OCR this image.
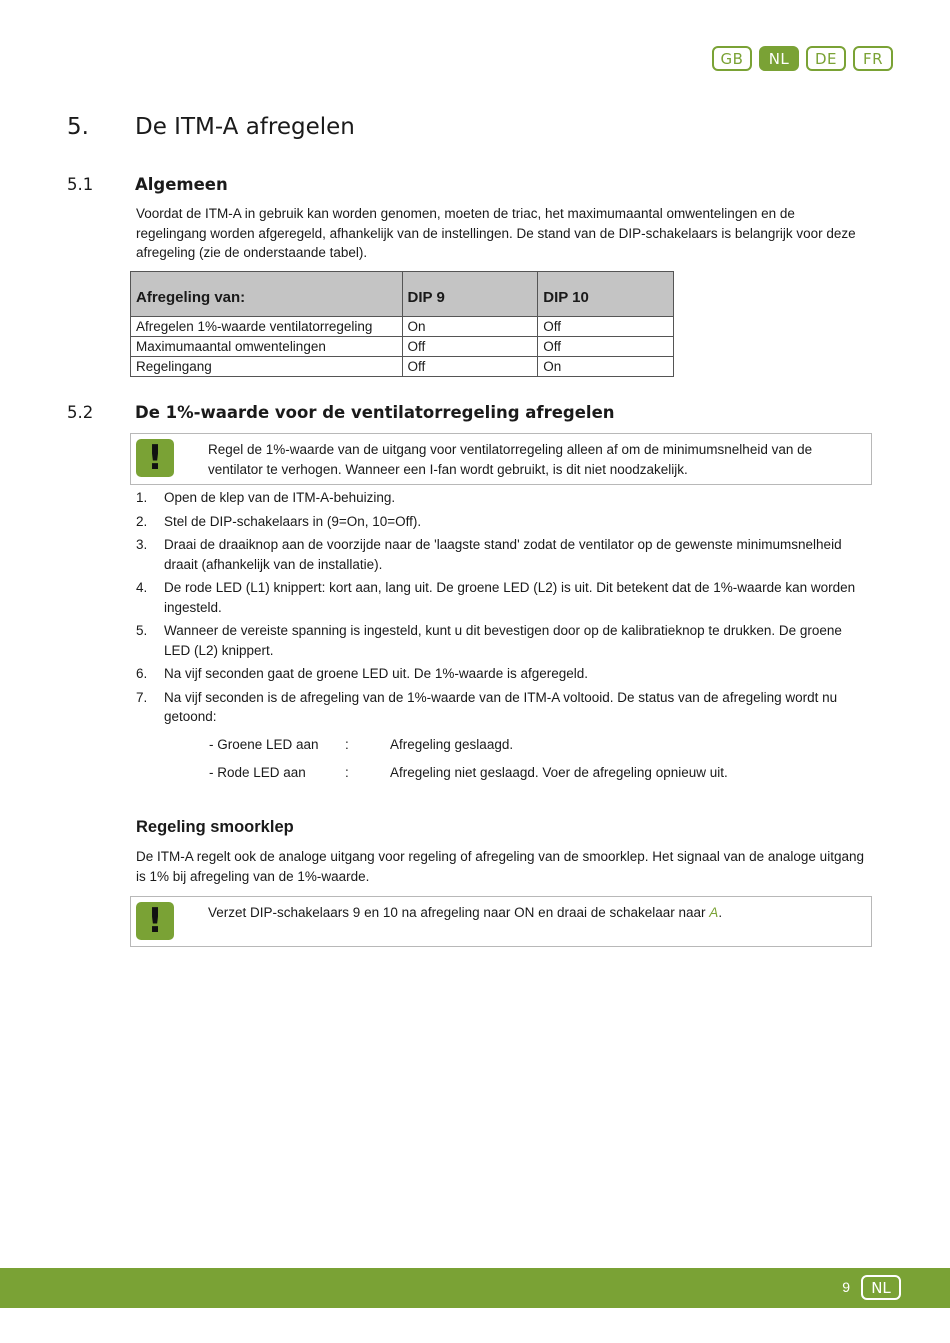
GB	NL	DE	FR
5. De ITM-A afregelen
5.1	Algemeen
Voordat de ITM-A in gebruik kan worden genomen, moeten de triac, het maximumaantal omwentelingen en de regelingang worden afgeregeld, afhankelijk van de instellingen. De stand van de DIP-schakelaars is belangrijk voor deze afregeling (zie de onderstaande tabel).
Afregeling van:	DIP 9	DIP 10
Afregelen 1%-waarde ventilatorregeling	On	Off
Maximumaantal omwentelingen	Off	Off
Regelingang	Off	On
5.2	De 1%-waarde voor de ventilatorregeling afregelen
!	Regel de 1%-waarde van de uitgang voor ventilatorregeling alleen af om de minimumsnelheid van de ventilator te verhogen. Wanneer een I-fan wordt gebruikt, is dit niet noodzakelijk.
1.	Open de klep van de ITM-A-behuizing.
2.	Stel de DIP-schakelaars in (9=On, 10=Off).
3.	Draai de draaiknop aan de voorzijde naar de 'laagste stand' zodat de ventilator op de gewenste minimumsnelheid draait (afhankelijk van de installatie).
4.	De rode LED (L1) knippert: kort aan, lang uit. De groene LED (L2) is uit. Dit betekent dat de 1%-waarde kan worden ingesteld.
5.	Wanneer de vereiste spanning is ingesteld, kunt u dit bevestigen door op de kalibratieknop te drukken. De groene LED (L2) knippert.
6.	Na vijf seconden gaat de groene LED uit. De 1%-waarde is afgeregeld.
7.	Na vijf seconden is de afregeling van de 1%-waarde van de ITM-A voltooid. De status van de afregeling wordt nu getoond:
- Groene LED aan	:	Afregeling geslaagd.
- Rode LED aan	:	Afregeling niet geslaagd. Voer de afregeling opnieuw uit.
Regeling smoorklep
De ITM-A regelt ook de analoge uitgang voor regeling of afregeling van de smoorklep. Het signaal van de analoge uitgang is 1% bij afregeling van de 1%-waarde.
!	Verzet DIP-schakelaars 9 en 10 na afregeling naar ON en draai de schakelaar naar A.
9	NL
